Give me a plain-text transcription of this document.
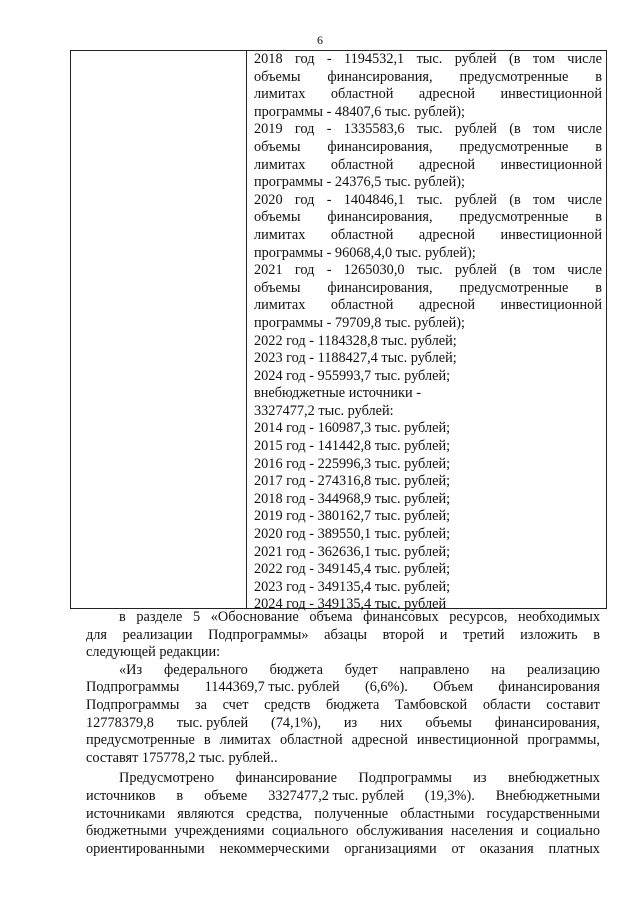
6
2018 год - 1194532,1 тыс. рублей (в том числе
объемы финансирования, предусмотренные в
лимитах областной адресной инвестиционной
программы - 48407,6 тыс. рублей);
2019 год - 1335583,6 тыс. рублей (в том числе
объемы финансирования, предусмотренные в
лимитах областной адресной инвестиционной
программы - 24376,5 тыс. рублей);
2020 год - 1404846,1 тыс. рублей (в том числе
объемы финансирования, предусмотренные в
лимитах областной адресной инвестиционной
программы - 96068,4,0 тыс. рублей);
2021 год - 1265030,0 тыс. рублей (в том числе
объемы финансирования, предусмотренные в
лимитах областной адресной инвестиционной
программы - 79709,8 тыс. рублей);
2022 год - 1184328,8 тыс. рублей;
2023 год - 1188427,4 тыс. рублей;
2024 год - 955993,7 тыс. рублей;
внебюджетные источники -
3327477,2 тыс. рублей:
2014 год - 160987,3 тыс. рублей;
2015 год - 141442,8 тыс. рублей;
2016 год - 225996,3 тыс. рублей;
2017 год - 274316,8 тыс. рублей;
2018 год - 344968,9 тыс. рублей;
2019 год - 380162,7 тыс. рублей;
2020 год - 389550,1 тыс. рублей;
2021 год - 362636,1 тыс. рублей;
2022 год - 349145,4 тыс. рублей;
2023 год - 349135,4 тыс. рублей;
2024 год - 349135,4 тыс. рублей
в разделе 5 «Обоснование объема финансовых ресурсов, необходимых
для реализации Подпрограммы» абзацы второй и третий изложить в
следующей редакции:
«Из федерального бюджета будет направлено на реализацию
Подпрограммы 1144369,7 тыс. рублей (6,6%). Объем финансирования
Подпрограммы за счет средств бюджета Тамбовской области составит
12778379,8 тыс. рублей (74,1%), из них объемы финансирования,
предусмотренные в лимитах областной адресной инвестиционной программы,
составят 175778,2 тыс. рублей..
Предусмотрено финансирование Подпрограммы из внебюджетных
источников в объеме 3327477,2 тыс. рублей (19,3%). Внебюджетными
источниками являются средства, полученные областными государственными
бюджетными учреждениями социального обслуживания населения и социально
ориентированными некоммерческими организациями от оказания платных
